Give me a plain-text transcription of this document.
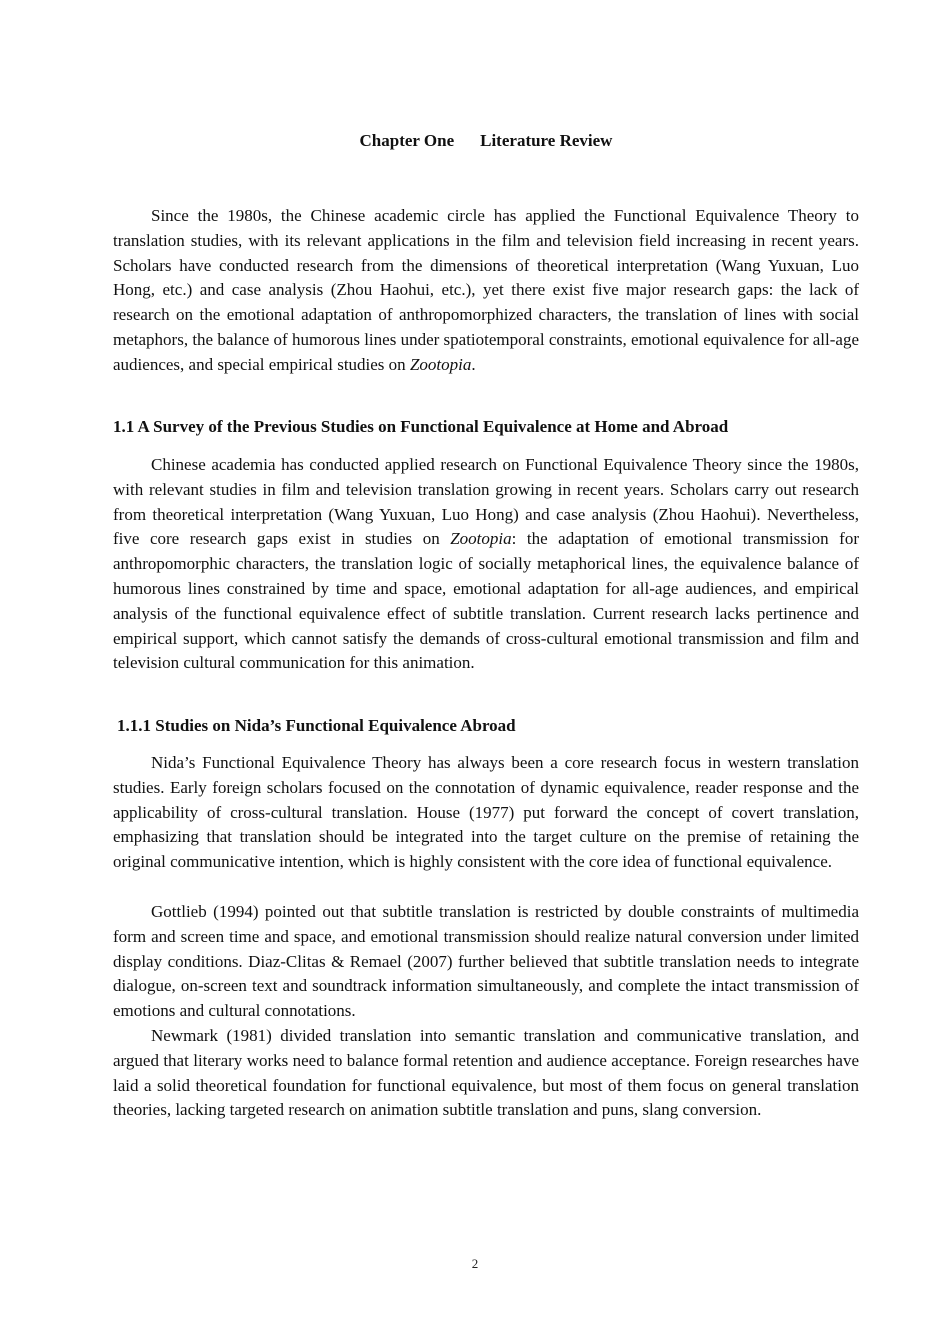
Chapter One Literature Review

Since the 1980s, the Chinese academic circle has applied the Functional Equivalence Theory to translation studies, with its relevant applications in the film and television field increasing in recent years. Scholars have conducted research from the dimensions of theoretical interpretation (Wang Yuxuan, Luo Hong, etc.) and case analysis (Zhou Haohui, etc.), yet there exist five major research gaps: the lack of research on the emotional adaptation of anthropomorphized characters, the translation of lines with social metaphors, the balance of humorous lines under spatiotemporal constraints, emotional equivalence for all-age audiences, and special empirical studies on Zootopia.

1.1 A Survey of the Previous Studies on Functional Equivalence at Home and Abroad

Chinese academia has conducted applied research on Functional Equivalence Theory since the 1980s, with relevant studies in film and television translation growing in recent years. Scholars carry out research from theoretical interpretation (Wang Yuxuan, Luo Hong) and case analysis (Zhou Haohui). Nevertheless, five core research gaps exist in studies on Zootopia: the adaptation of emotional transmission for anthropomorphic characters, the translation logic of socially metaphorical lines, the equivalence balance of humorous lines constrained by time and space, emotional adaptation for all-age audiences, and empirical analysis of the functional equivalence effect of subtitle translation. Current research lacks pertinence and empirical support, which cannot satisfy the demands of cross-cultural emotional transmission and film and television cultural communication for this animation.

1.1.1 Studies on Nida’s Functional Equivalence Abroad

Nida’s Functional Equivalence Theory has always been a core research focus in western translation studies. Early foreign scholars focused on the connotation of dynamic equivalence, reader response and the applicability of cross-cultural translation. House (1977) put forward the concept of covert translation, emphasizing that translation should be integrated into the target culture on the premise of retaining the original communicative intention, which is highly consistent with the core idea of functional equivalence.

Gottlieb (1994) pointed out that subtitle translation is restricted by double constraints of multimedia form and screen time and space, and emotional transmission should realize natural conversion under limited display conditions. Diaz-Clitas & Remael (2007) further believed that subtitle translation needs to integrate dialogue, on-screen text and soundtrack information simultaneously, and complete the intact transmission of emotions and cultural connotations.

Newmark (1981) divided translation into semantic translation and communicative translation, and argued that literary works need to balance formal retention and audience acceptance. Foreign researches have laid a solid theoretical foundation for functional equivalence, but most of them focus on general translation theories, lacking targeted research on animation subtitle translation and puns, slang conversion.

2
